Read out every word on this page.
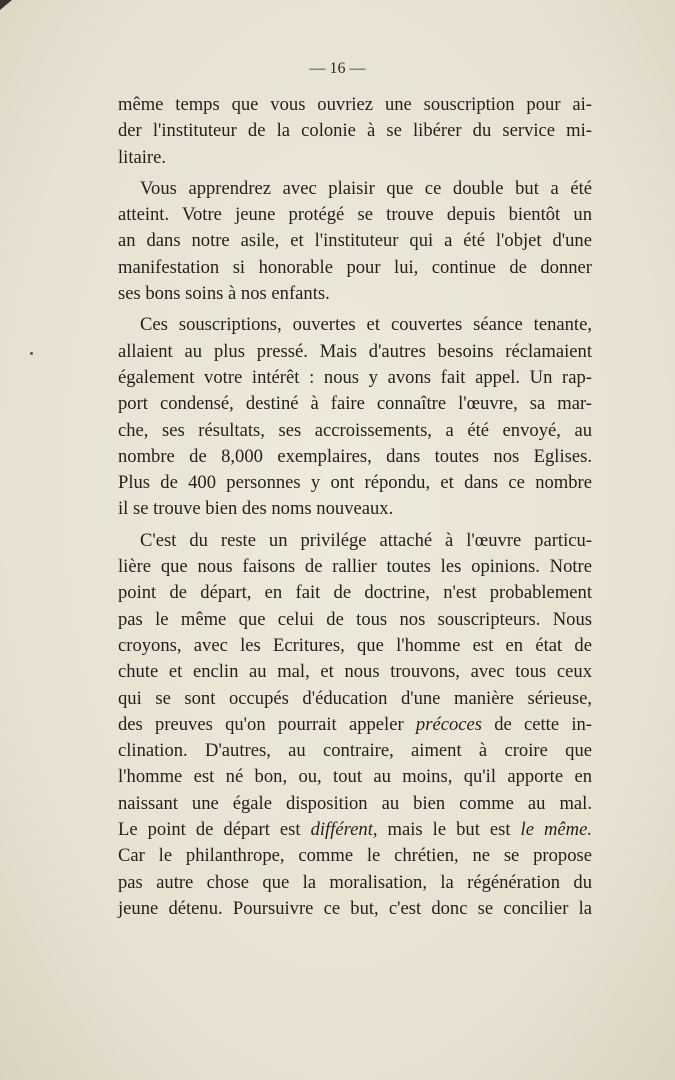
— 16 —
même temps que vous ouvriez une souscription pour ai-
der l'instituteur de la colonie à se libérer du service mi-
litaire.
Vous apprendrez avec plaisir que ce double but a été
atteint. Votre jeune protégé se trouve depuis bientôt un
an dans notre asile, et l'instituteur qui a été l'objet d'une
manifestation si honorable pour lui, continue de donner
ses bons soins à nos enfants.
Ces souscriptions, ouvertes et couvertes séance tenante,
allaient au plus pressé. Mais d'autres besoins réclamaient
également votre intérêt : nous y avons fait appel. Un rap-
port condensé, destiné à faire connaître l'œuvre, sa mar-
che, ses résultats, ses accroissements, a été envoyé, au
nombre de 8,000 exemplaires, dans toutes nos Eglises.
Plus de 400 personnes y ont répondu, et dans ce nombre
il se trouve bien des noms nouveaux.
C'est du reste un privilége attaché à l'œuvre particu-
lière que nous faisons de rallier toutes les opinions. Notre
point de départ, en fait de doctrine, n'est probablement
pas le même que celui de tous nos souscripteurs. Nous
croyons, avec les Ecritures, que l'homme est en état de
chute et enclin au mal, et nous trouvons, avec tous ceux
qui se sont occupés d'éducation d'une manière sérieuse,
des preuves qu'on pourrait appeler précoces de cette in-
clination. D'autres, au contraire, aiment à croire que
l'homme est né bon, ou, tout au moins, qu'il apporte en
naissant une égale disposition au bien comme au mal.
Le point de départ est différent, mais le but est le même.
Car le philanthrope, comme le chrétien, ne se propose
pas autre chose que la moralisation, la régénération du
jeune détenu. Poursuivre ce but, c'est donc se concilier la
